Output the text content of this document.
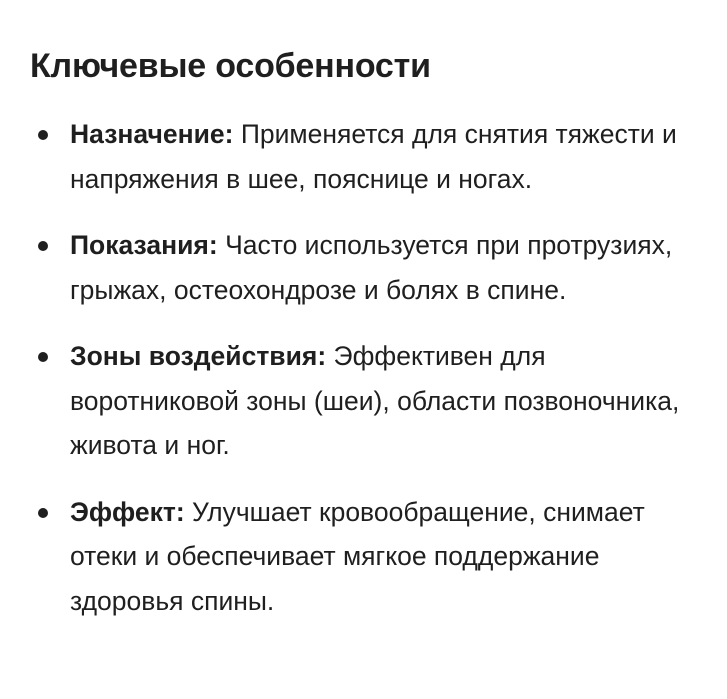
Ключевые особенности
Назначение: Применяется для снятия тяжести и напряжения в шее, пояснице и ногах.
Показания: Часто используется при протрузиях, грыжах, остеохондрозе и болях в спине.
Зоны воздействия: Эффективен для воротниковой зоны (шеи), области позвоночника, живота и ног.
Эффект: Улучшает кровообращение, снимает отеки и обеспечивает мягкое поддержание здоровья спины.
